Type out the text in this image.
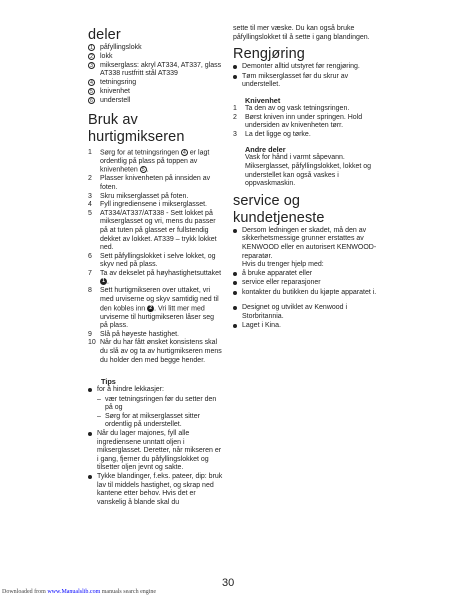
deler
1	påfyllingslokk
2	lokk
3	mikserglass: akryl AT334, AT337, glass AT338 rustfritt stål AT339
4	tetningsring
5	knivenhet
6	understell
Bruk av hurtigmikseren
1	Sørg for at tetningsringen 4 er lagt ordentlig på plass på toppen av knivenheten 5 .
2	Plasser knivenheten på innsiden av foten.
3	Skru mikserglasset på foten.
4	Fyll ingrediensene i mikserglasset.
5	AT334/AT337/AT338 - Sett lokket på mikserglasset og vri, mens du passer på at tuten på glasset er fullstendig dekket av lokket. AT339 – trykk lokket ned.
6	Sett påfyllingslokket i selve lokket, og skyv ned på plass.
7	Ta av dekselet på høyhastighetsuttaket 1 .
8	Sett hurtigmikseren over uttaket, vri med urviserne og skyv samtidig ned til den kobles inn 2 . Vri litt mer med urviserne til hurtigmikseren låser seg på plass.
9	Slå på høyeste hastighet.
10 Når du har fått ønsket konsistens skal du slå av og ta av hurtigmikseren mens du holder den med begge hender.
Tips
for å hindre lekkasjer:
– vær tetningsringen før du setter den på og
– Sørg for at mikserglasset sitter ordentlig på understellet.
Når du lager majones, fyll alle ingrediensene unntatt oljen i mikserglasset. Deretter, når mikseren er i gang, fjerner du påfyllingslokket og tilsetter oljen jevnt og sakte.
Tykke blandinger, f.eks. pateer, dip: bruk lav til middels hastighet, og skrap ned kantene etter behov. Hvis det er vanskelig å blande skal du
sette til mer væske. Du kan også bruke påfyllingslokket til å sette i gang blandingen.
Rengjøring
Demonter alltid utstyret før rengjøring.
Tøm mikserglasset før du skrur av understellet.
Knivenhet
1	Ta den av og vask tetningsringen.
2	Børst kniven inn under springen. Hold undersiden av knivenheten tørr.
3	La det ligge og tørke.
Andre deler
Vask for hånd i varmt såpevann. Mikserglasset, påfyllingslokket, lokket og understellet kan også vaskes i oppvaskmaskin.
service og kundetjeneste
Dersom ledningen er skadet, må den av sikkerhetsmessige grunner erstattes av KENWOOD eller en autorisert KENWOOD-reparatør.
Hvis du trenger hjelp med:
å bruke apparatet eller
service eller reparasjoner
kontakter du butikken du kjøpte apparatet i.
Designet og utviklet av Kenwood i Storbritannia.
Laget i Kina.
30
Downloaded from www.Manualslib.com manuals search engine
